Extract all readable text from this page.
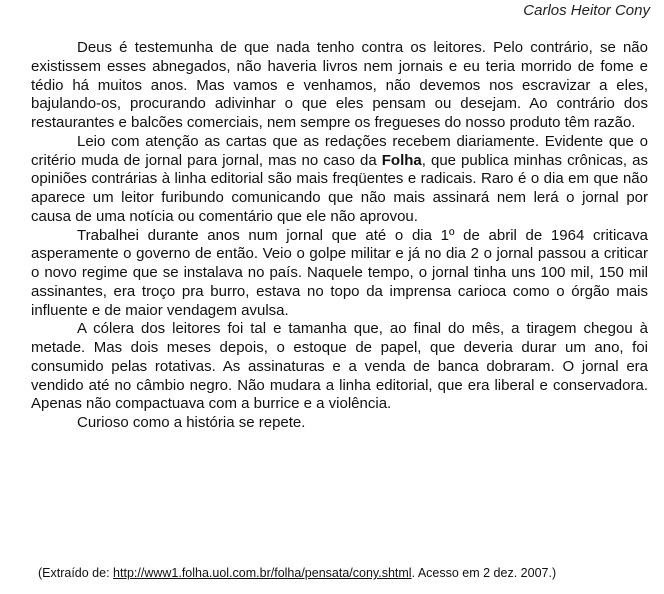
Carlos Heitor Cony

Deus é testemunha de que nada tenho contra os leitores. Pelo contrário, se não existissem esses abnegados, não haveria livros nem jornais e eu teria morrido de fome e tédio há muitos anos. Mas vamos e venhamos, não devemos nos escravizar a eles, bajulando-os, procurando adivinhar o que eles pensam ou desejam. Ao contrário dos restaurantes e balcões comerciais, nem sempre os fregueses do nosso produto têm razão.

Leio com atenção as cartas que as redações recebem diariamente. Evidente que o critério muda de jornal para jornal, mas no caso da Folha, que publica minhas crônicas, as opiniões contrárias à linha editorial são mais freqüentes e radicais. Raro é o dia em que não aparece um leitor furibundo comunicando que não mais assinará nem lerá o jornal por causa de uma notícia ou comentário que ele não aprovou.

Trabalhei durante anos num jornal que até o dia 1º de abril de 1964 criticava asperamente o governo de então. Veio o golpe militar e já no dia 2 o jornal passou a criticar o novo regime que se instalava no país. Naquele tempo, o jornal tinha uns 100 mil, 150 mil assinantes, era troço pra burro, estava no topo da imprensa carioca como o órgão mais influente e de maior vendagem avulsa.

A cólera dos leitores foi tal e tamanha que, ao final do mês, a tiragem chegou à metade. Mas dois meses depois, o estoque de papel, que deveria durar um ano, foi consumido pelas rotativas. As assinaturas e a venda de banca dobraram. O jornal era vendido até no câmbio negro. Não mudara a linha editorial, que era liberal e conservadora. Apenas não compactuava com a burrice e a violência.

Curioso como a história se repete.

(Extraído de: http://www1.folha.uol.com.br/folha/pensata/cony.shtml. Acesso em 2 dez. 2007.)
